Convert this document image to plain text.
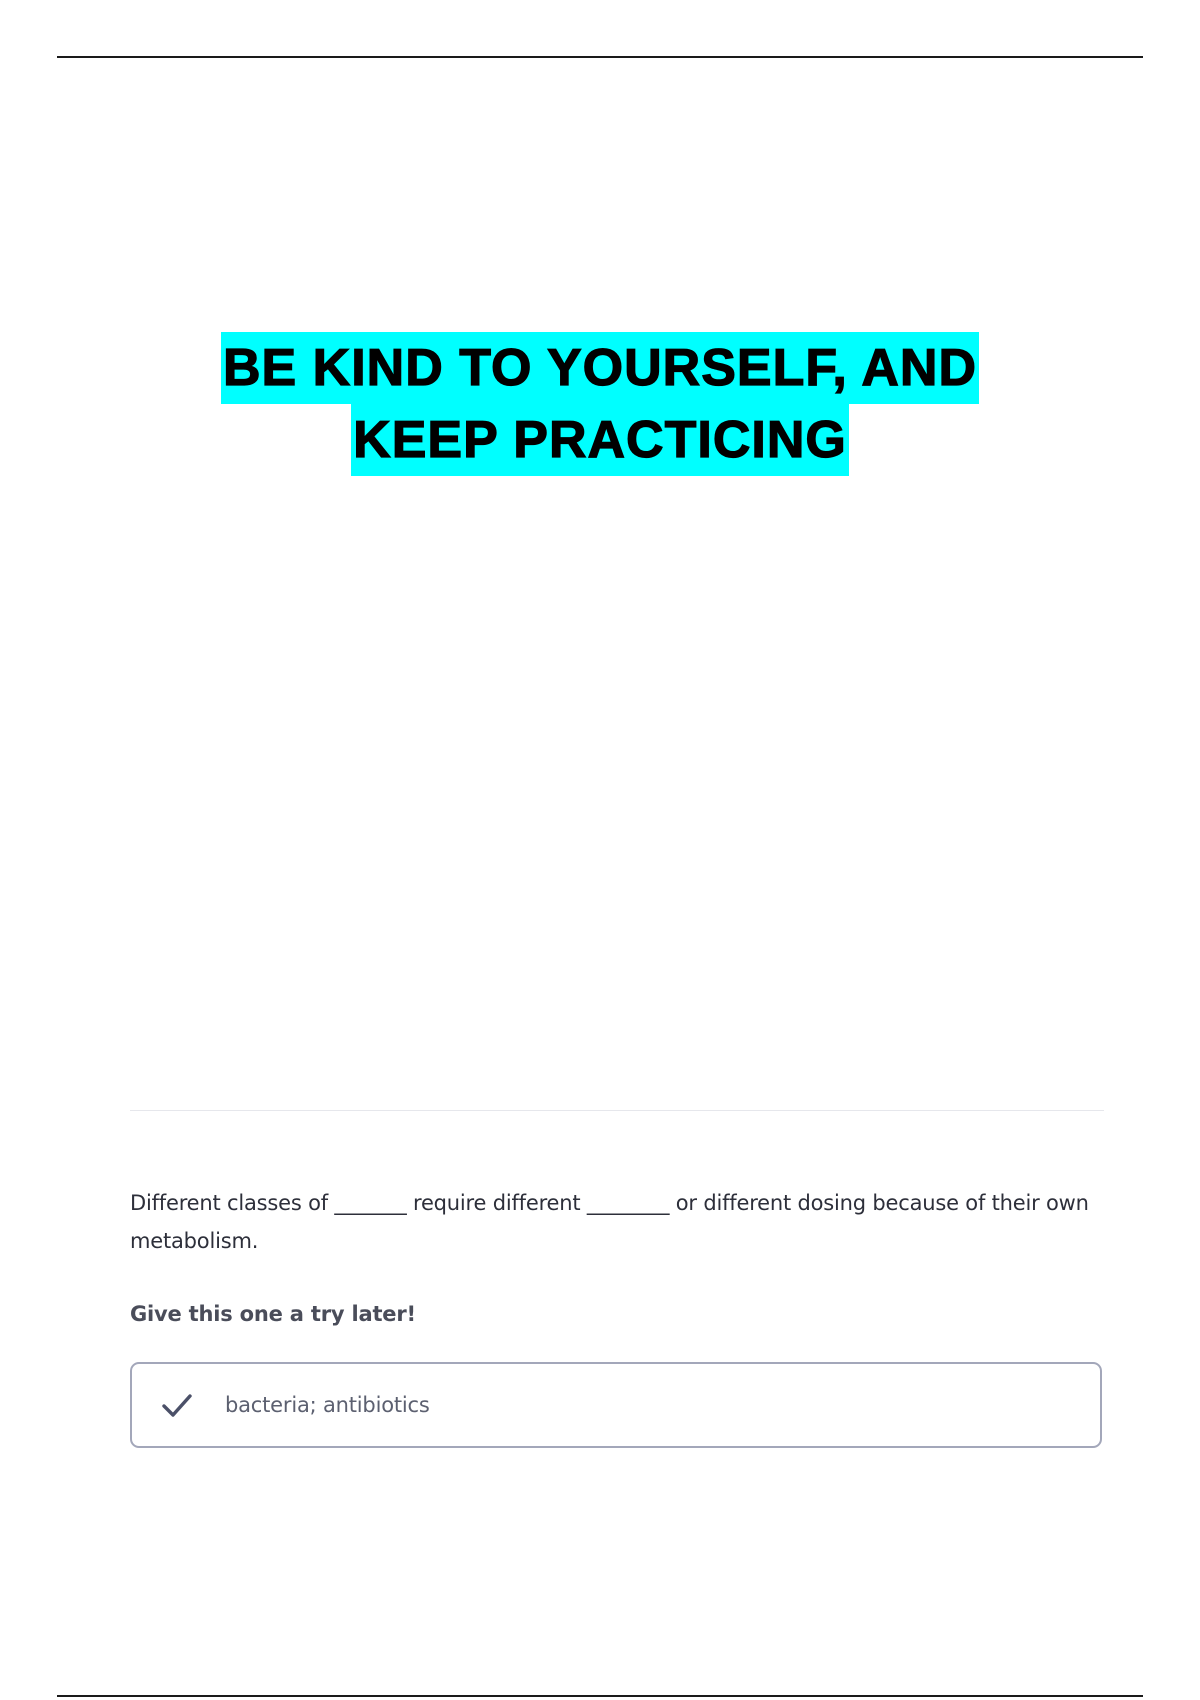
BE KIND TO YOURSELF, AND
KEEP PRACTICING
Different classes of _______ require different ________ or different dosing because of their own metabolism.
Give this one a try later!
bacteria; antibiotics
